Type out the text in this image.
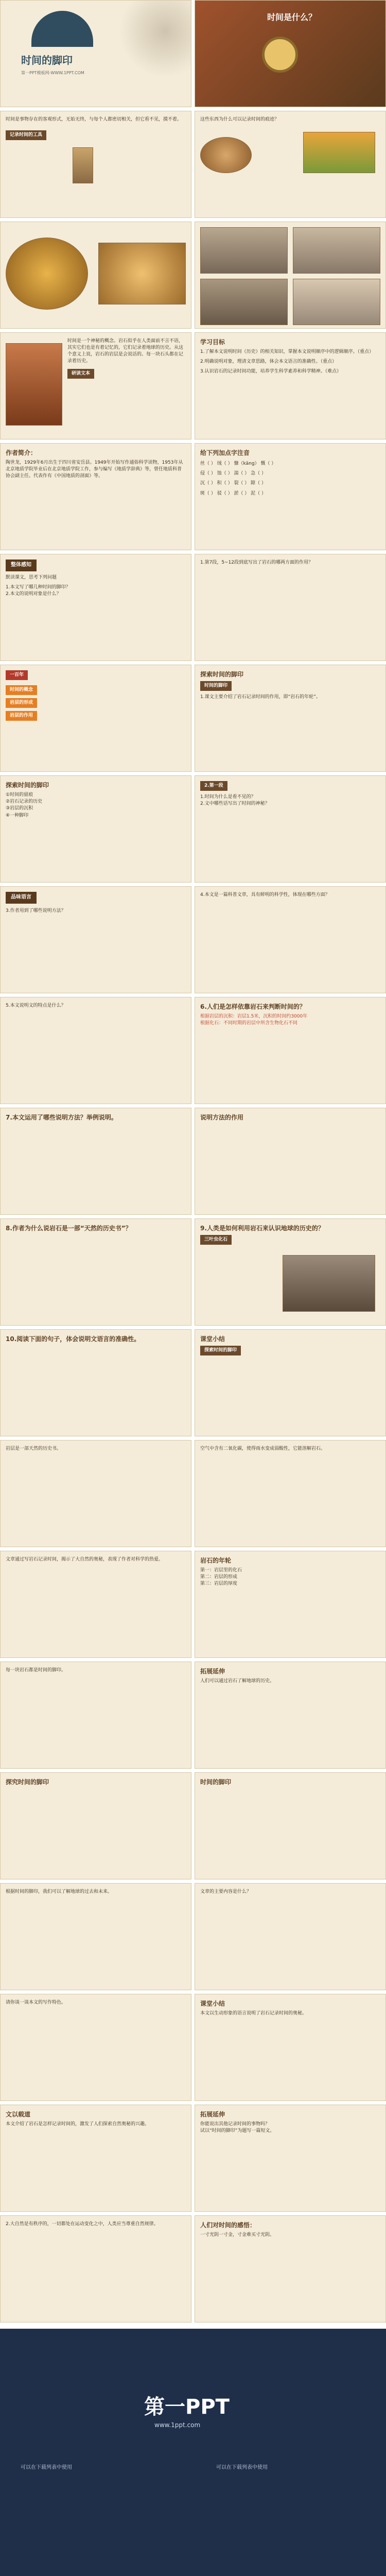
时间的脚印
第一PPT模板网-WWW.1PPT.COM
时间是什么？
时间是事物存在的客观形式，无始无终，与每个人都密切相关，但它看不见，摸不着。
记录时间的工具
这些东西为什么可以记录时间的痕迹？
时间是一个神秘的概念。岩石似乎在人类面前不言不语，其实它们也是有着记忆的，它们记录着地球的历史。从这个意义上说，岩石的岩层是会说话的。每一块石头都在记录着历史。
研读文本
学习目标
1.了解本文说明时间（历史）的相关知识，掌握本文说明顺序中的逻辑顺序。（重点）
2.明确说明对象，理清文章思路，体会本文语言的准确性。（重点）
3.认识岩石的记录时间功能，培养学生科学素养和科学精神。（难点）
作者简介：
陶世龙，1929年6月出生于四川省安岳县。1949年开始写作通俗科学读物，1953年从北京地质学院毕业后在北京地质学院工作，参与编写《地质学辞典》等，曾任地质科普协会副主任。代表作有《中国地质的剖面》等。
给下列加点字注音
丝（ ） 绒（ ） 慷（kāng） 慨（ ）
侵（ ） 蚀（ ） 湍（ ） 急（ ）
沉（ ） 积（ ） 裂（ ） 隙（ ）
斑（ ） 驳（ ） 淤（ ） 泥（ ）
整体感知
默读课文，思考下列问题
1.本文写了哪几种时间的脚印？
2.本文的说明对象是什么？
1.第7段，5~12段到底写出了岩石的哪两方面的作用？
一百年
时间的概念
岩层的形成
岩层的作用
探索时间的脚印
时间的脚印
1.课文主要介绍了岩石记录时间的作用，即“岩石的年轮”。
探索时间的脚印
①时间的留痕
②岩石记录的历史
③岩层的沉积
④一种脚印
2.第一段
1.时间为什么是看不见的？
2.文中哪些话写出了时间的神秘？
品味语言
3.作者用到了哪些说明方法？
4.本文是一篇科普文章，具有鲜明的科学性，体现在哪些方面？
5.本文说明文的特点是什么？	6.人们是怎样依靠岩石来判断时间的？
根据岩层的沉积：岩层1.5米，沉积的时间约3000年
根据化石：不同时期的岩层中所含生物化石不同
7.本文运用了哪些说明方法？举例说明。	说明方法的作用
8.作者为什么说岩石是一部“天然的历史书”？	9.人类是如何利用岩石来认识地球的历史的？
三叶虫化石
10.阅读下面的句子，体会说明文语言的准确性。	课堂小结
探索时间的脚印
岩层是一部天然的历史书。	空气中含有二氧化碳，使得雨水变成弱酸性，它能溶解岩石。
文章通过写岩石记录时间，揭示了大自然的奥秘，表现了作者对科学的热爱。	岩石的年轮
第一：岩层里的化石
第二：岩层的形成
第三：岩层的厚度
每一块岩石都是时间的脚印。	拓展延伸
人们可以通过岩石了解地球的历史。
探究时间的脚印	时间的脚印
根据时间的脚印，我们可以了解地球的过去和未来。	文章的主要内容是什么？
请你谈一谈本文的写作特色。	课堂小结
本文以生动形象的语言说明了岩石记录时间的奥秘。
文以载道
本文介绍了岩石是怎样记录时间的，激发了人们探索自然奥秘的兴趣。
拓展延伸
你能说出其他记录时间的事物吗？
试以“时间的脚印”为题写一篇短文。
2.大自然是有秩序的，一切都处在运动变化之中，人类应当尊重自然规律。	人们对时间的感悟：
一寸光阴一寸金，寸金难买寸光阴。
第一PPT
www.1ppt.com
可以在下载列表中使用	可以在下载列表中使用
